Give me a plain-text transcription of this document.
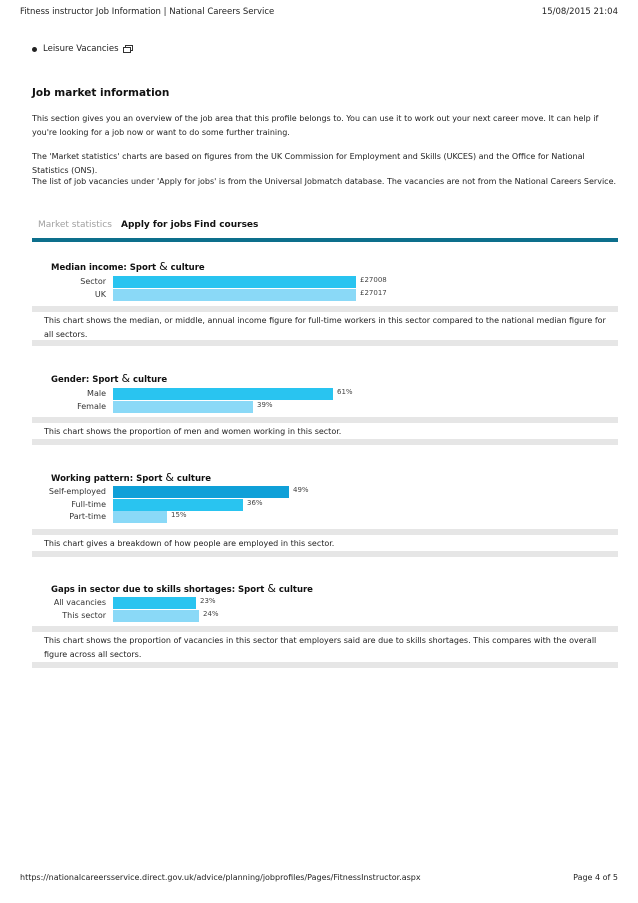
Fitness instructor Job Information | National Careers Service	15/08/2015 21:04
Leisure Vacancies
Job market information
This section gives you an overview of the job area that this profile belongs to. You can use it to work out your next career move. It can help if you're looking for a job now or want to do some further training.
The 'Market statistics' charts are based on figures from the UK Commission for Employment and Skills (UKCES) and the Office for National Statistics (ONS).
The list of job vacancies under 'Apply for jobs' is from the Universal Jobmatch database. The vacancies are not from the National Careers Service.
Market statistics Apply for jobs Find courses
Median income: Sport & culture
Sector	£27008
UK	£27017
This chart shows the median, or middle, annual income figure for full-time workers in this sector compared to the national median figure for all sectors.
Gender: Sport & culture
Male	61%
Female	39%
This chart shows the proportion of men and women working in this sector.
Working pattern: Sport & culture
Self-employed	49%
Full-time	36%
Part-time	15%
This chart gives a breakdown of how people are employed in this sector.
Gaps in sector due to skills shortages: Sport & culture
All vacancies	23%
This sector	24%
This chart shows the proportion of vacancies in this sector that employers said are due to skills shortages. This compares with the overall figure across all sectors.
https://nationalcareersservice.direct.gov.uk/advice/planning/jobprofiles/Pages/FitnessInstructor.aspx	Page 4 of 5
